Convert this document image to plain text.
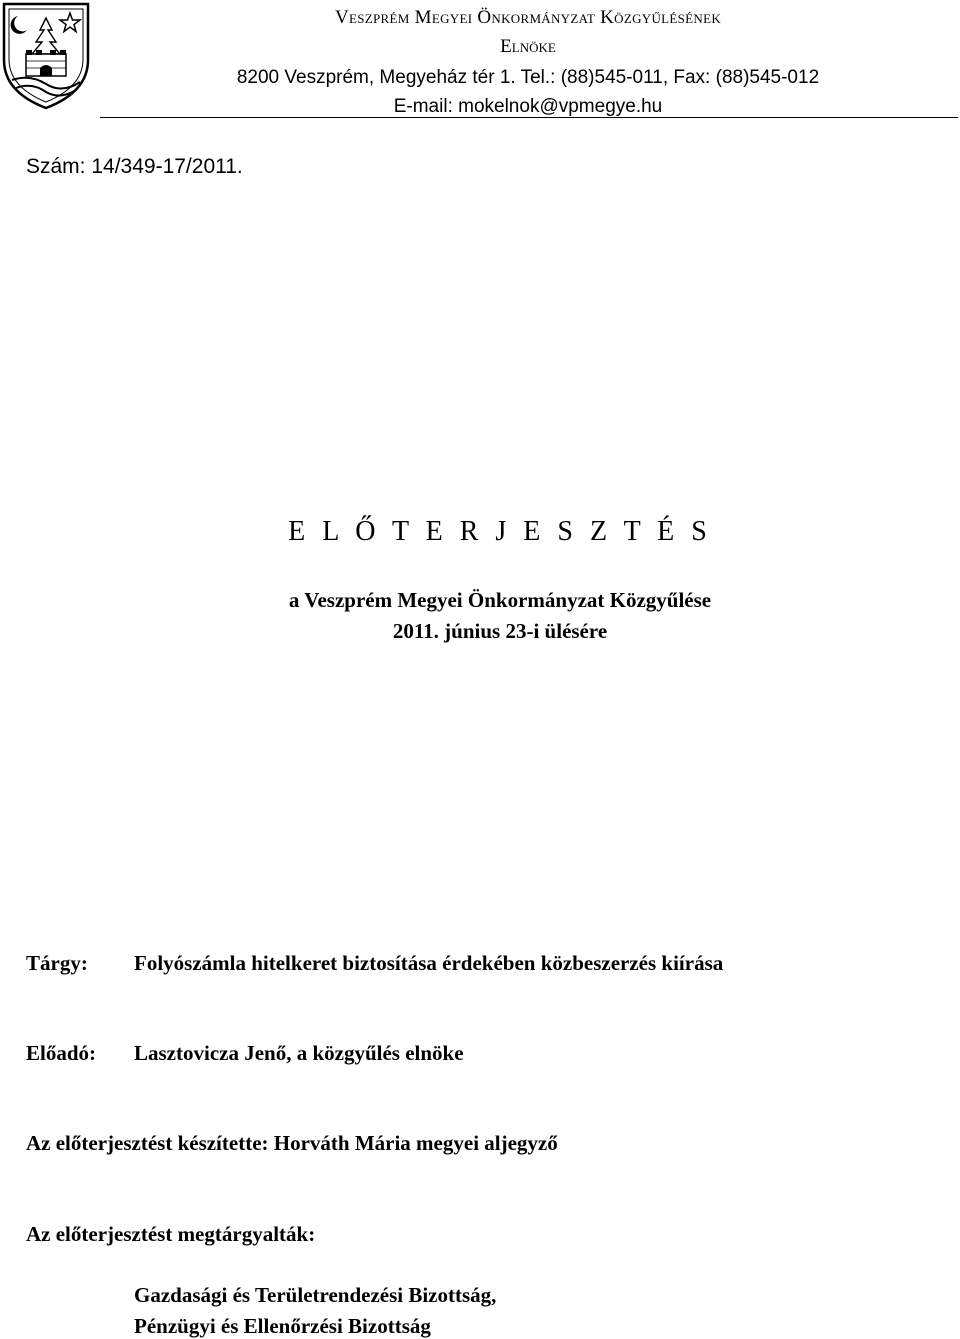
Veszprém Megyei Önkormányzat Közgyűlésének
Elnöke
8200 Veszprém, Megyeház tér 1. Tel.: (88)545-011, Fax: (88)545-012
E-mail: mokelnok@vpmegye.hu
Szám: 14/349-17/2011.
E L Ő T E R J E S Z T É S
a Veszprém Megyei Önkormányzat Közgyűlése
2011. június 23-i ülésére
Tárgy: Folyószámla hitelkeret biztosítása érdekében közbeszerzés kiírása
Előadó: Lasztovicza Jenő, a közgyűlés elnöke
Az előterjesztést készítette: Horváth Mária megyei aljegyző
Az előterjesztést megtárgyalták:
Gazdasági és Területrendezési Bizottság,
Pénzügyi és Ellenőrzési Bizottság
